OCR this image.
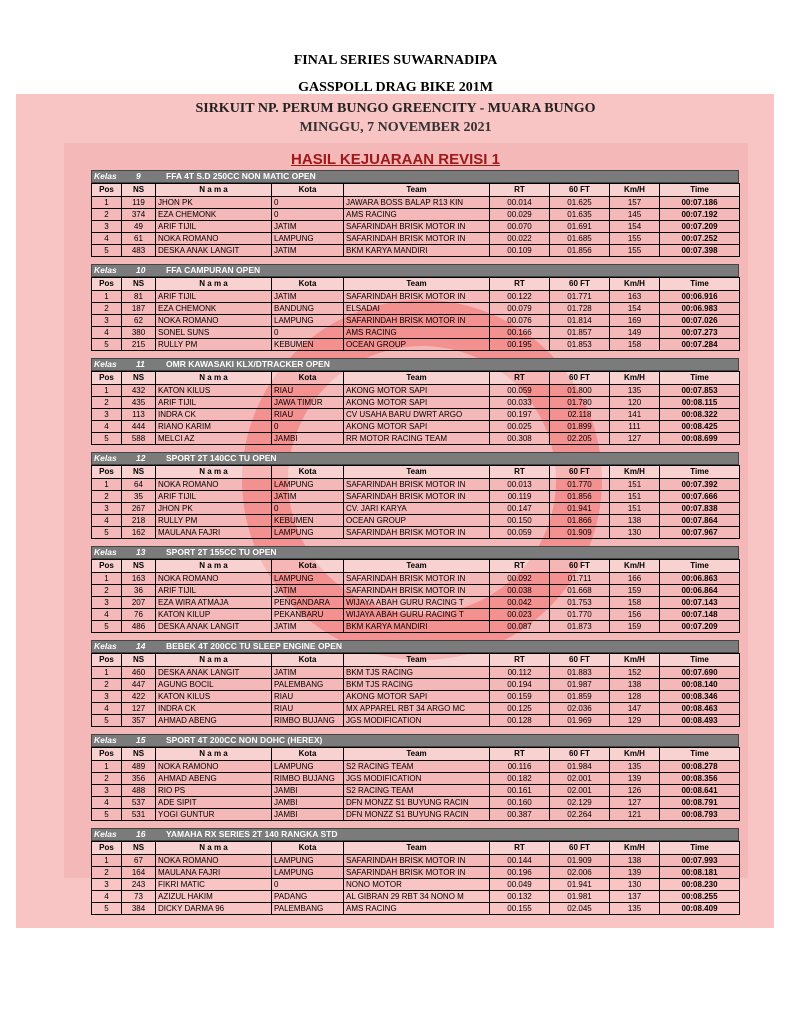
FINAL SERIES SUWARNADIPA
GASSPOLL DRAG BIKE 201M
SIRKUIT NP. PERUM BUNGO GREENCITY - MUARA BUNGO
MINGGU, 7 NOVEMBER 2021
HASIL KEJUARAAN REVISI 1
Kelas	9	FFA 4T S.D 250CC NON MATIC OPEN
Pos	NS	N a m a	Kota	Team	RT	60 FT	Km/H	Time
1	119	JHON PK	0	JAWARA BOSS BALAP R13 KIN	00.014	01.625	157	00:07.186
2	374	EZA CHEMONK	0	AMS RACING	00.029	01.635	145	00:07.192
3	49	ARIF TIJIL	JATIM	SAFARINDAH BRISK MOTOR IN	00.070	01.691	154	00:07.209
4	61	NOKA ROMANO	LAMPUNG	SAFARINDAH BRISK MOTOR IN	00.022	01.685	155	00:07.252
5	483	DESKA ANAK LANGIT	JATIM	BKM KARYA MANDIRI	00.109	01.856	155	00:07.398
Kelas	10	FFA CAMPURAN OPEN
Pos	NS	N a m a	Kota	Team	RT	60 FT	Km/H	Time
1	81	ARIF TIJIL	JATIM	SAFARINDAH BRISK MOTOR IN	00.122	01.771	163	00:06.916
2	187	EZA CHEMONK	BANDUNG	ELSADAI	00.079	01.728	154	00:06.983
3	62	NOKA ROMANO	LAMPUNG	SAFARINDAH BRISK MOTOR IN	00.076	01.814	169	00:07.026
4	380	SONEL SUNS	0	AMS RACING	00.166	01.857	149	00:07.273
5	215	RULLY PM	KEBUMEN	OCEAN GROUP	00.195	01.853	158	00:07.284
Kelas	11	OMR KAWASAKI KLX/DTRACKER OPEN
Pos	NS	N a m a	Kota	Team	RT	60 FT	Km/H	Time
1	432	KATON KILUS	RIAU	AKONG MOTOR SAPI	00.059	01.800	135	00:07.853
2	435	ARIF TIJIL	JAWA TIMUR	AKONG MOTOR SAPI	00.033	01.780	120	00:08.115
3	113	INDRA CK	RIAU	CV USAHA BARU DWRT ARGO	00.197	02.118	141	00:08.322
4	444	RIANO KARIM	0	AKONG MOTOR SAPI	00.025	01.899	111	00:08.425
5	588	MELCI AZ	JAMBI	RR MOTOR RACING TEAM	00.308	02.205	127	00:08.699
Kelas	12	SPORT 2T 140CC TU OPEN
Pos	NS	N a m a	Kota	Team	RT	60 FT	Km/H	Time
1	64	NOKA ROMANO	LAMPUNG	SAFARINDAH BRISK MOTOR IN	00.013	01.770	151	00:07.392
2	35	ARIF TIJIL	JATIM	SAFARINDAH BRISK MOTOR IN	00.119	01.856	151	00:07.666
3	267	JHON PK	0	CV. JARI KARYA	00.147	01.941	151	00:07.838
4	218	RULLY PM	KEBUMEN	OCEAN GROUP	00.150	01.866	138	00:07.864
5	162	MAULANA FAJRI	LAMPUNG	SAFARINDAH BRISK MOTOR IN	00.059	01.909	130	00:07.967
Kelas	13	SPORT 2T 155CC TU OPEN
Pos	NS	N a m a	Kota	Team	RT	60 FT	Km/H	Time
1	163	NOKA ROMANO	LAMPUNG	SAFARINDAH BRISK MOTOR IN	00.092	01.711	166	00:06.863
2	36	ARIF TIJIL	JATIM	SAFARINDAH BRISK MOTOR IN	00.038	01.668	159	00:06.864
3	207	EZA WIRA ATMAJA	PENGANDARA	WIJAYA ABAH GURU RACING T	00.042	01.753	158	00:07.143
4	76	KATON KILUP	PEKANBARU	WIJAYA ABAH GURU RACING T	00.023	01.770	156	00:07.148
5	486	DESKA ANAK LANGIT	JATIM	BKM KARYA MANDIRI	00.087	01.873	159	00:07.209
Kelas	14	BEBEK 4T 200CC TU SLEEP ENGINE OPEN
Pos	NS	N a m a	Kota	Team	RT	60 FT	Km/H	Time
1	460	DESKA ANAK LANGIT	JATIM	BKM TJS RACING	00.112	01.883	152	00:07.690
2	447	AGUNG BOCIL	PALEMBANG	BKM TJS RACING	00.194	01.987	138	00:08.140
3	422	KATON KILUS	RIAU	AKONG MOTOR SAPI	00.159	01.859	128	00:08.346
4	127	INDRA CK	RIAU	MX APPAREL RBT 34 ARGO MC	00.125	02.036	147	00:08.463
5	357	AHMAD ABENG	RIMBO BUJANG	JGS MODIFICATION	00.128	01.969	129	00:08.493
Kelas	15	SPORT 4T 200CC NON DOHC (HEREX)
Pos	NS	N a m a	Kota	Team	RT	60 FT	Km/H	Time
1	489	NOKA RAMONO	LAMPUNG	S2 RACING TEAM	00.116	01.984	135	00:08.278
2	356	AHMAD ABENG	RIMBO BUJANG	JGS MODIFICATION	00.182	02.001	139	00:08.356
3	488	RIO PS	JAMBI	S2 RACING TEAM	00.161	02.001	126	00:08.641
4	537	ADE SIPIT	JAMBI	DFN MONZZ S1 BUYUNG RACIN	00.160	02.129	127	00:08.791
5	531	YOGI GUNTUR	JAMBI	DFN MONZZ S1 BUYUNG RACIN	00.387	02.264	121	00:08.793
Kelas	16	YAMAHA RX SERIES 2T 140 RANGKA STD
Pos	NS	N a m a	Kota	Team	RT	60 FT	Km/H	Time
1	67	NOKA ROMANO	LAMPUNG	SAFARINDAH BRISK MOTOR IN	00.144	01.909	138	00:07.993
2	164	MAULANA FAJRI	LAMPUNG	SAFARINDAH BRISK MOTOR IN	00.196	02.006	139	00:08.181
3	243	FIKRI MATIC	0	NONO MOTOR	00.049	01.941	130	00:08.230
4	73	AZIZUL HAKIM	PADANG	AL GIBRAN 29 RBT 34 NONO M	00.132	01.981	137	00:08.255
5	384	DICKY DARMA 96	PALEMBANG	AMS RACING	00.155	02.045	135	00:08.409
